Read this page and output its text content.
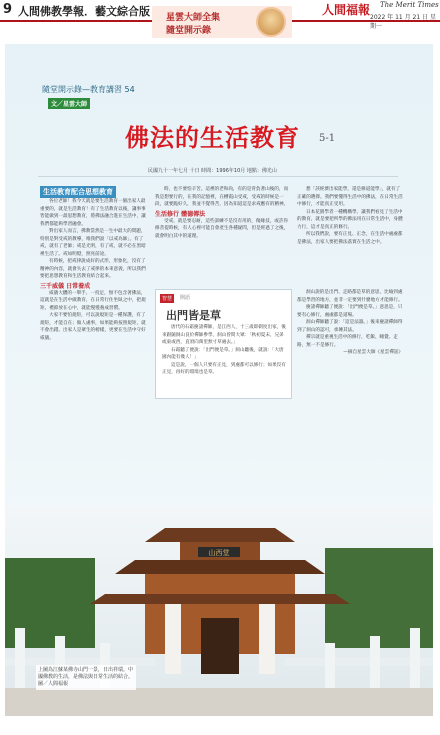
9 人間佛教學報．藝文綜合版	人間福報 The Merit Times
2022 年 11 月 21 日 星期一
星雲大師全集
隨堂開示錄
隨堂開示錄—教育講習 54
文／星雲大師
佛法的生活教育 5-1
民國九十一年七月 十日 時間：1996年10月 地點：佛光山
生活教育配合思想教育

各位老師！我今天就是要生活教育一個出家人最重要的，就是生活教育！有了生活教育以後，讓事事皆能做到一最思想教育，將佛法融合進在生活中，讓我們都能夠學習融會。

對出家人而言，佛教當然是一生中最大的問題，特別是對受戒的教導，唯我們說「以戒為師」。有了戒，就有了老師；戒是光明，有了戒，就不必在黑暗裡生活了。戒如明燈，照亮前途。

有時候，把戒律說成好的式形，形象化，沒有了精神的內容，就會失去了戒律的本來意義，所以我們要把思想教育和生活教育結合起來。

三千威儀 日常養成

威儀大體的一舉手、一投足，無不包含著佛法，這就是在生活中做教育，在日常行住坐臥之中，把規矩、禮節放在心中，就能慢慢養成習慣。

大家不要怕規矩，可以說規矩是一種保護，有了規矩，才能自在；做人處事，如果能夠按照規矩，就不會出錯。出家人是眾生的榜樣，更要在生活中守好威儀。

時，也不要怕辛苦。這裡的老和尚，有的是背負著山後的，而我是想要行的，在我的記憶裡，在槽霞山受戒，受戒的時候是一段，就要跪好久，我並不覺得苦，因為知道這是求戒應有的精神。

生活修行 體德傳法

受戒，就是要忍耐，這些訓練不是沒有用的，傷緣技，或許你修菩提時候，有人心裡可能自會產生各種疑問，但是經過了之後，就會明白其中的道理。

想「該經濟出家能學，還是修道能學」，就有了正確的選擇。我們要懂得生活中的佛法，在日常生活中修行，才能真正受用。

日本花園學者一種機構學，讓我們看見了生活中的教育，就是要把所學的佛法用在日常生活中，身體力行，這才是真正的修行。

所以我們說，要有正見、正念，在生活中處處都是佛法，出家人要把佛法落實在生活之中。

智慧	開語
出門皆是草

唐代的石霜慶諸禪師，是江西人，十三歲即剃度出家，後來跟隨洞山良价禪師參學，洞山曾問大眾：「秋初夏末，兄弟或東或西，直須向萬里無寸草處去。」

石霜聽了便說：「出門便是草。」洞山聽後，就說：「大唐國內能有幾人！」

這是說，一個人只要有正見，到處都可以修行；如果沒有正見，再好的環境也是草。

洞山說的是出門、走路都是草的意思，比喻到處都是學習的地方，並非一定要到什麼地方才能修行。

慶諸禪師聽了便說：「出門便是草。」意思是，只要有心修行，處處都是道場。

洞山禪師聽了說：「這是法器。」後來慶諸禪師得到了洞山的認可，承傳其法。

禪宗就是重視生活中的修行，吃飯、睡覺、走路，無一不是修行。

—摘自星雲大師《星雲禪話》

山西堂
上圖為江蘇某佛寺山門一景，日出祥瑞。中國佛教的生活，是佛法與日常生活的結合。圖／人間福報
